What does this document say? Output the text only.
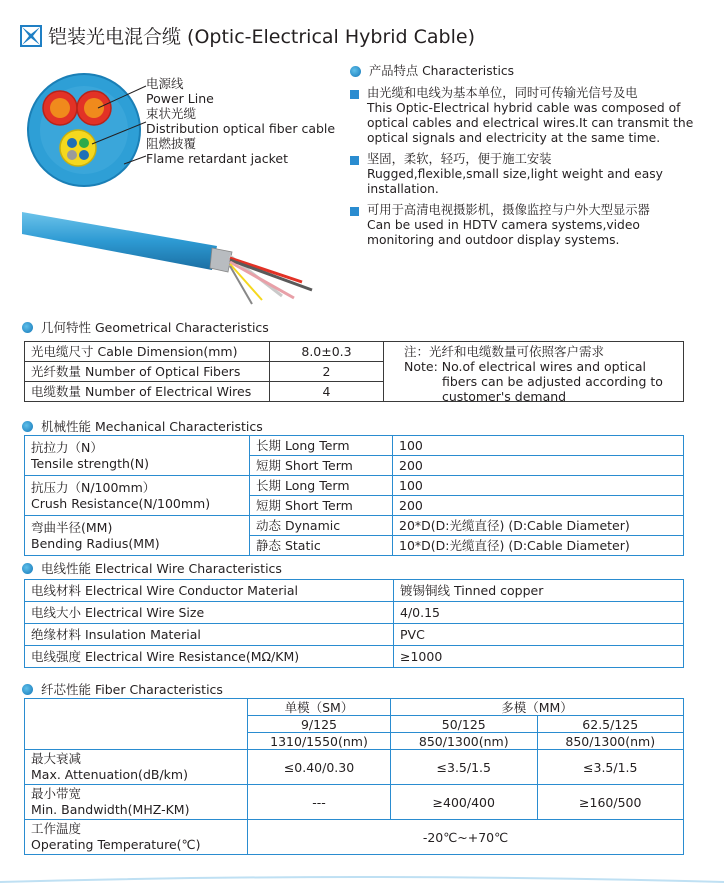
铠装光电混合缆 (Optic-Electrical Hybrid Cable)
电源线
Power Line
束状光缆
Distribution optical fiber cable
阻燃披覆
Flame retardant jacket
产品特点 Characteristics
由光缆和电线为基本单位，同时可传输光信号及电
This Optic-Electrical hybrid cable was composed of optical cables and electrical wires.It can transmit the optical signals and electricity at the same time.
坚固，柔软，轻巧，便于施工安装
Rugged,flexible,small size,light weight and easy installation.
可用于高清电视摄影机，摄像监控与户外大型显示器
Can be used in HDTV camera systems,video monitoring and outdoor display systems.
几何特性 Geometrical Characteristics
光电缆尺寸 Cable Dimension(mm)	8.0±0.3
光纤数量 Number of Optical Fibers	2
电缆数量 Number of Electrical Wires	4
注：光纤和电缆数量可依照客户需求
Note: No.of electrical wires and optical
fibers can be adjusted according to
customer's demand
机械性能 Mechanical Characteristics
抗拉力（N）
Tensile strength(N)	长期 Long Term	100
	短期 Short Term	200

抗压力（N/100mm）
Crush Resistance(N/100mm)	长期 Long Term	100
	短期 Short Term	200

弯曲半径(MM)
Bending Radius(MM)	动态 Dynamic	20*D(D:光缆直径) (D:Cable Diameter)
	静态 Static	10*D(D:光缆直径) (D:Cable Diameter)
电线性能 Electrical Wire Characteristics
电线材料 Electrical Wire Conductor Material	镀锡铜线 Tinned copper
电线大小 Electrical Wire Size	4/0.15
绝缘材料 Insulation Material	PVC
电线强度 Electrical Wire Resistance(MΩ/KM)	≥1000
纤芯性能 Fiber Characteristics
	单模（SM）	多模（MM）	
	9/125	50/125	62.5/125
	1310/1550(nm)	850/1300(nm)	850/1300(nm)

最大衰减
Max. Attenuation(dB/km)	≤0.40/0.30	≤3.5/1.5	≤3.5/1.5

最小带宽
Min. Bandwidth(MHZ-KM)	---	≥400/400	≥160/500

工作温度
Operating Temperature(℃)	-20℃~+70℃		
